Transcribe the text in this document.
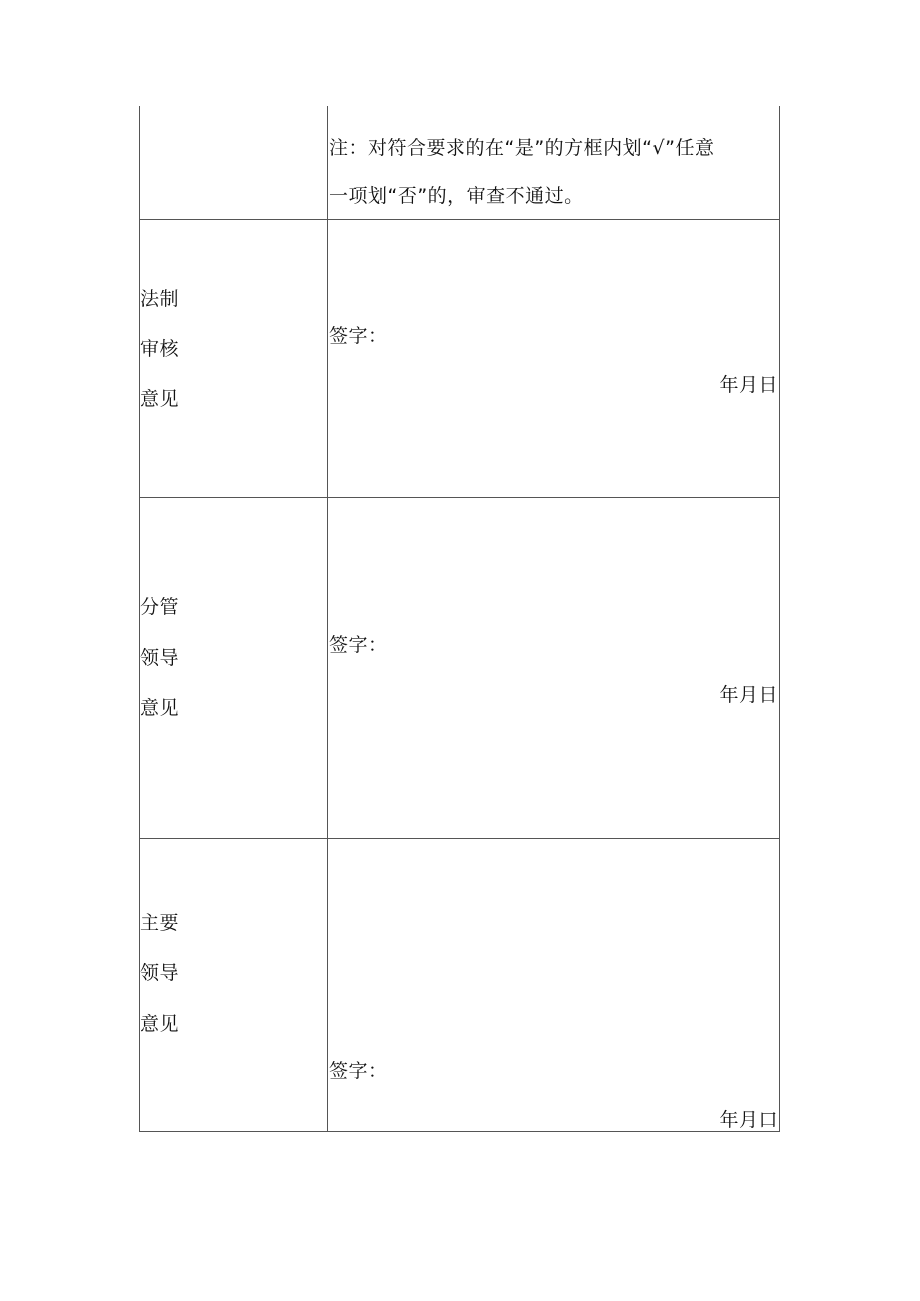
注：对符合要求的在“是”的方框内划“√”任意
一项划“否”的，审查不通过。
法制
审核
意见
签字：
年月日
分管
领导
意见
签字：
年月日
主要
领导
意见
签字：
年月口
